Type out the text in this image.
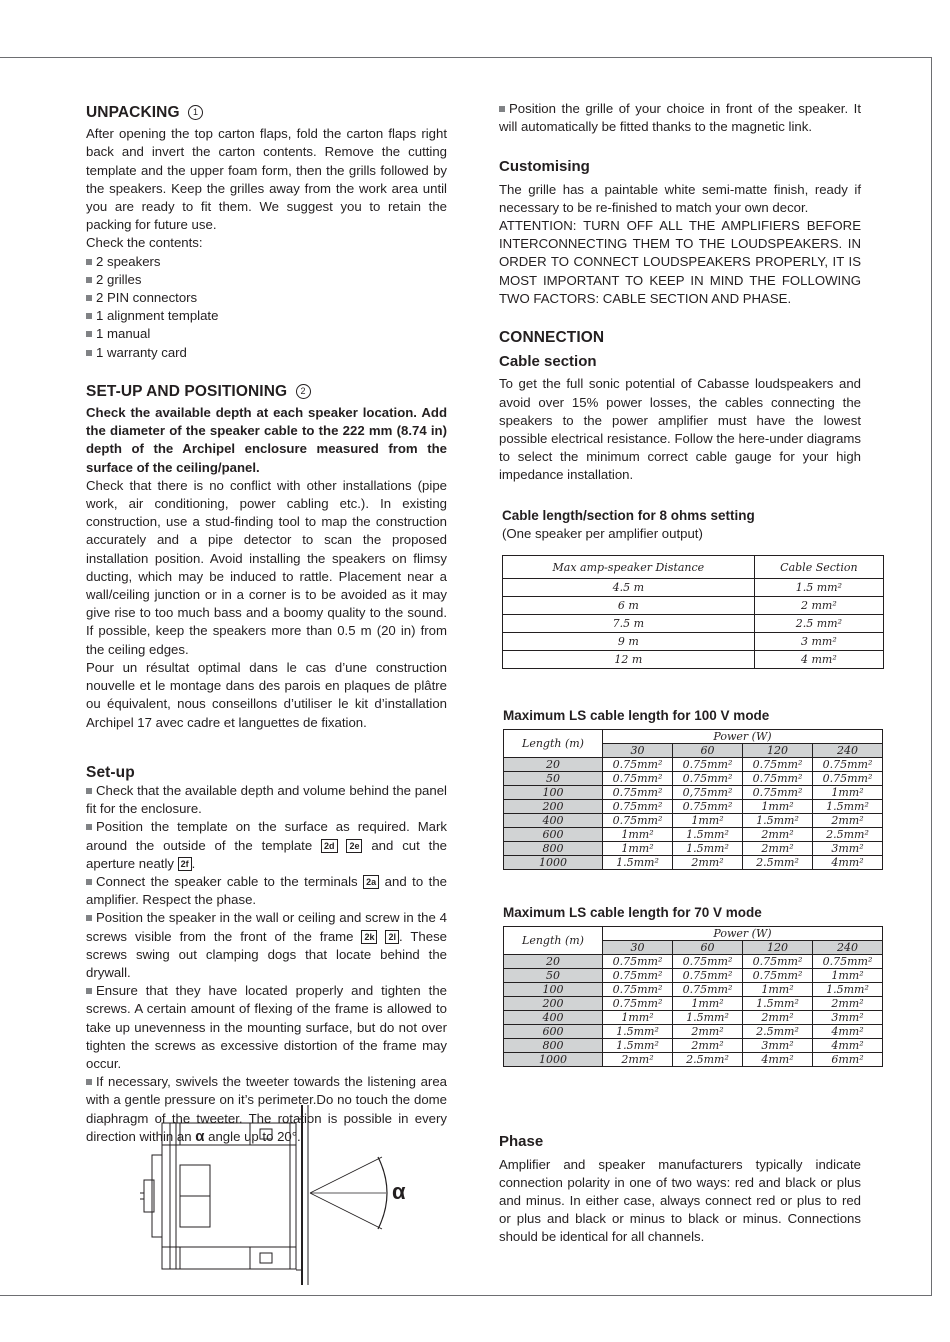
UNPACKING 1

After opening the top carton flaps, fold the carton flaps right back and invert the carton contents. Remove the cutting template and the upper foam form, then the grills followed by the speakers. Keep the grilles away from the work area until you are ready to fit them. We suggest you to retain the packing for future use.

Check the contents:

2 speakers
2 grilles
2 PIN connectors
1 alignment template
1 manual
1 warranty card
SET-UP AND POSITIONING 2

Check the available depth at each speaker location. Add the diameter of the speaker cable to the 222 mm (8.74 in) depth of the Archipel enclosure measured from the surface of the ceiling/panel.

Check that there is no conflict with other installations (pipe work, air conditioning, power cabling etc.). In existing construction, use a stud-finding tool to map the construction accurately and a pipe detector to scan the proposed installation position. Avoid installing the speakers on flimsy ducting, which may be induced to rattle. Placement near a wall/ceiling junction or in a corner is to be avoided as it may give rise to too much bass and a boomy quality to the sound. If possible, keep the speakers more than 0.5 m (20 in) from the ceiling edges.

Pour un résultat optimal dans le cas d’une construction nouvelle et le montage dans des parois en plaques de plâtre ou équivalent, nous conseillons d’utiliser le kit d’installation Archipel 17 avec cadre et languettes de fixation.

Set-up

Check that the available depth and volume behind the panel fit for the enclosure.

Position the template on the surface as required. Mark around the outside of the template 2d 2e and cut the aperture neatly 2f .

Connect the speaker cable to the terminals 2a and to the amplifier. Respect the phase.

Position the speaker in the wall or ceiling and screw in the 4 screws visible from the front of the frame 2k 2l . These screws swing out clamping dogs that locate behind the drywall.

Ensure that they have located properly and tighten the screws. A certain amount of flexing of the frame is allowed to take up unevenness in the mounting surface, but do not over tighten the screws as excessive distortion of the frame may occur.

If necessary, swivels the tweeter towards the listening area with a gentle pressure on it’s perimeter.Do no touch the dome diaphragm of the tweeter. The rotation is possible in every direction within an α angle up to 20°.

α

Position the grille of your choice in front of the speaker. It will automatically be fitted thanks to the magnetic link.

Customising

The grille has a paintable white semi-matte finish, ready if necessary to be re-finished to match your own decor.

ATTENTION: TURN OFF ALL THE AMPLIFIERS BEFORE INTERCONNECTING THEM TO THE LOUDSPEAKERS. IN ORDER TO CONNECT LOUDSPEAKERS PROPERLY, IT IS MOST IMPORTANT TO KEEP IN MIND THE FOLLOWING TWO FACTORS: CABLE SECTION AND PHASE.

CONNECTION
Cable section

To get the full sonic potential of Cabasse loudspeakers and avoid over 15% power losses, the cables connecting the speakers to the power amplifier must have the lowest possible electrical resistance. Follow the here-under diagrams to select the minimum correct cable gauge for your high impedance installation.

Cable length/section for 8 ohms setting

(One speaker per amplifier output)

Max amp-speaker Distance	Cable Section
4.5 m	1.5 mm²
6 m	2 mm²
7.5 m	2.5 mm²
9 m	3 mm²
12 m	4 mm²

Maximum LS cable length for 100 V mode

Length (m)	Power (W)			
	30	60	120	240
20	0.75mm²	0.75mm²	0.75mm²	0.75mm²
50	0.75mm²	0.75mm²	0.75mm²	0.75mm²
100	0.75mm²	0,75mm²	0.75mm²	1mm²
200	0.75mm²	0.75mm²	1mm²	1.5mm²
400	0.75mm²	1mm²	1.5mm²	2mm²
600	1mm²	1.5mm²	2mm²	2.5mm²
800	1mm²	1.5mm²	2mm²	3mm²
1000	1.5mm²	2mm²	2.5mm²	4mm²

Maximum LS cable length for 70 V mode

Length (m)	Power (W)			
	30	60	120	240
20	0.75mm²	0.75mm²	0.75mm²	0.75mm²
50	0.75mm²	0.75mm²	0.75mm²	1mm²
100	0.75mm²	0.75mm²	1mm²	1.5mm²
200	0.75mm²	1mm²	1.5mm²	2mm²
400	1mm²	1.5mm²	2mm²	3mm²
600	1.5mm²	2mm²	2.5mm²	4mm²
800	1.5mm²	2mm²	3mm²	4mm²
1000	2mm²	2.5mm²	4mm²	6mm²
Phase

Amplifier and speaker manufacturers typically indicate connection polarity in one of two ways: red and black or plus and minus. In either case, always connect red or plus to red or plus and black or minus to black or minus. Connections should be identical for all channels.
